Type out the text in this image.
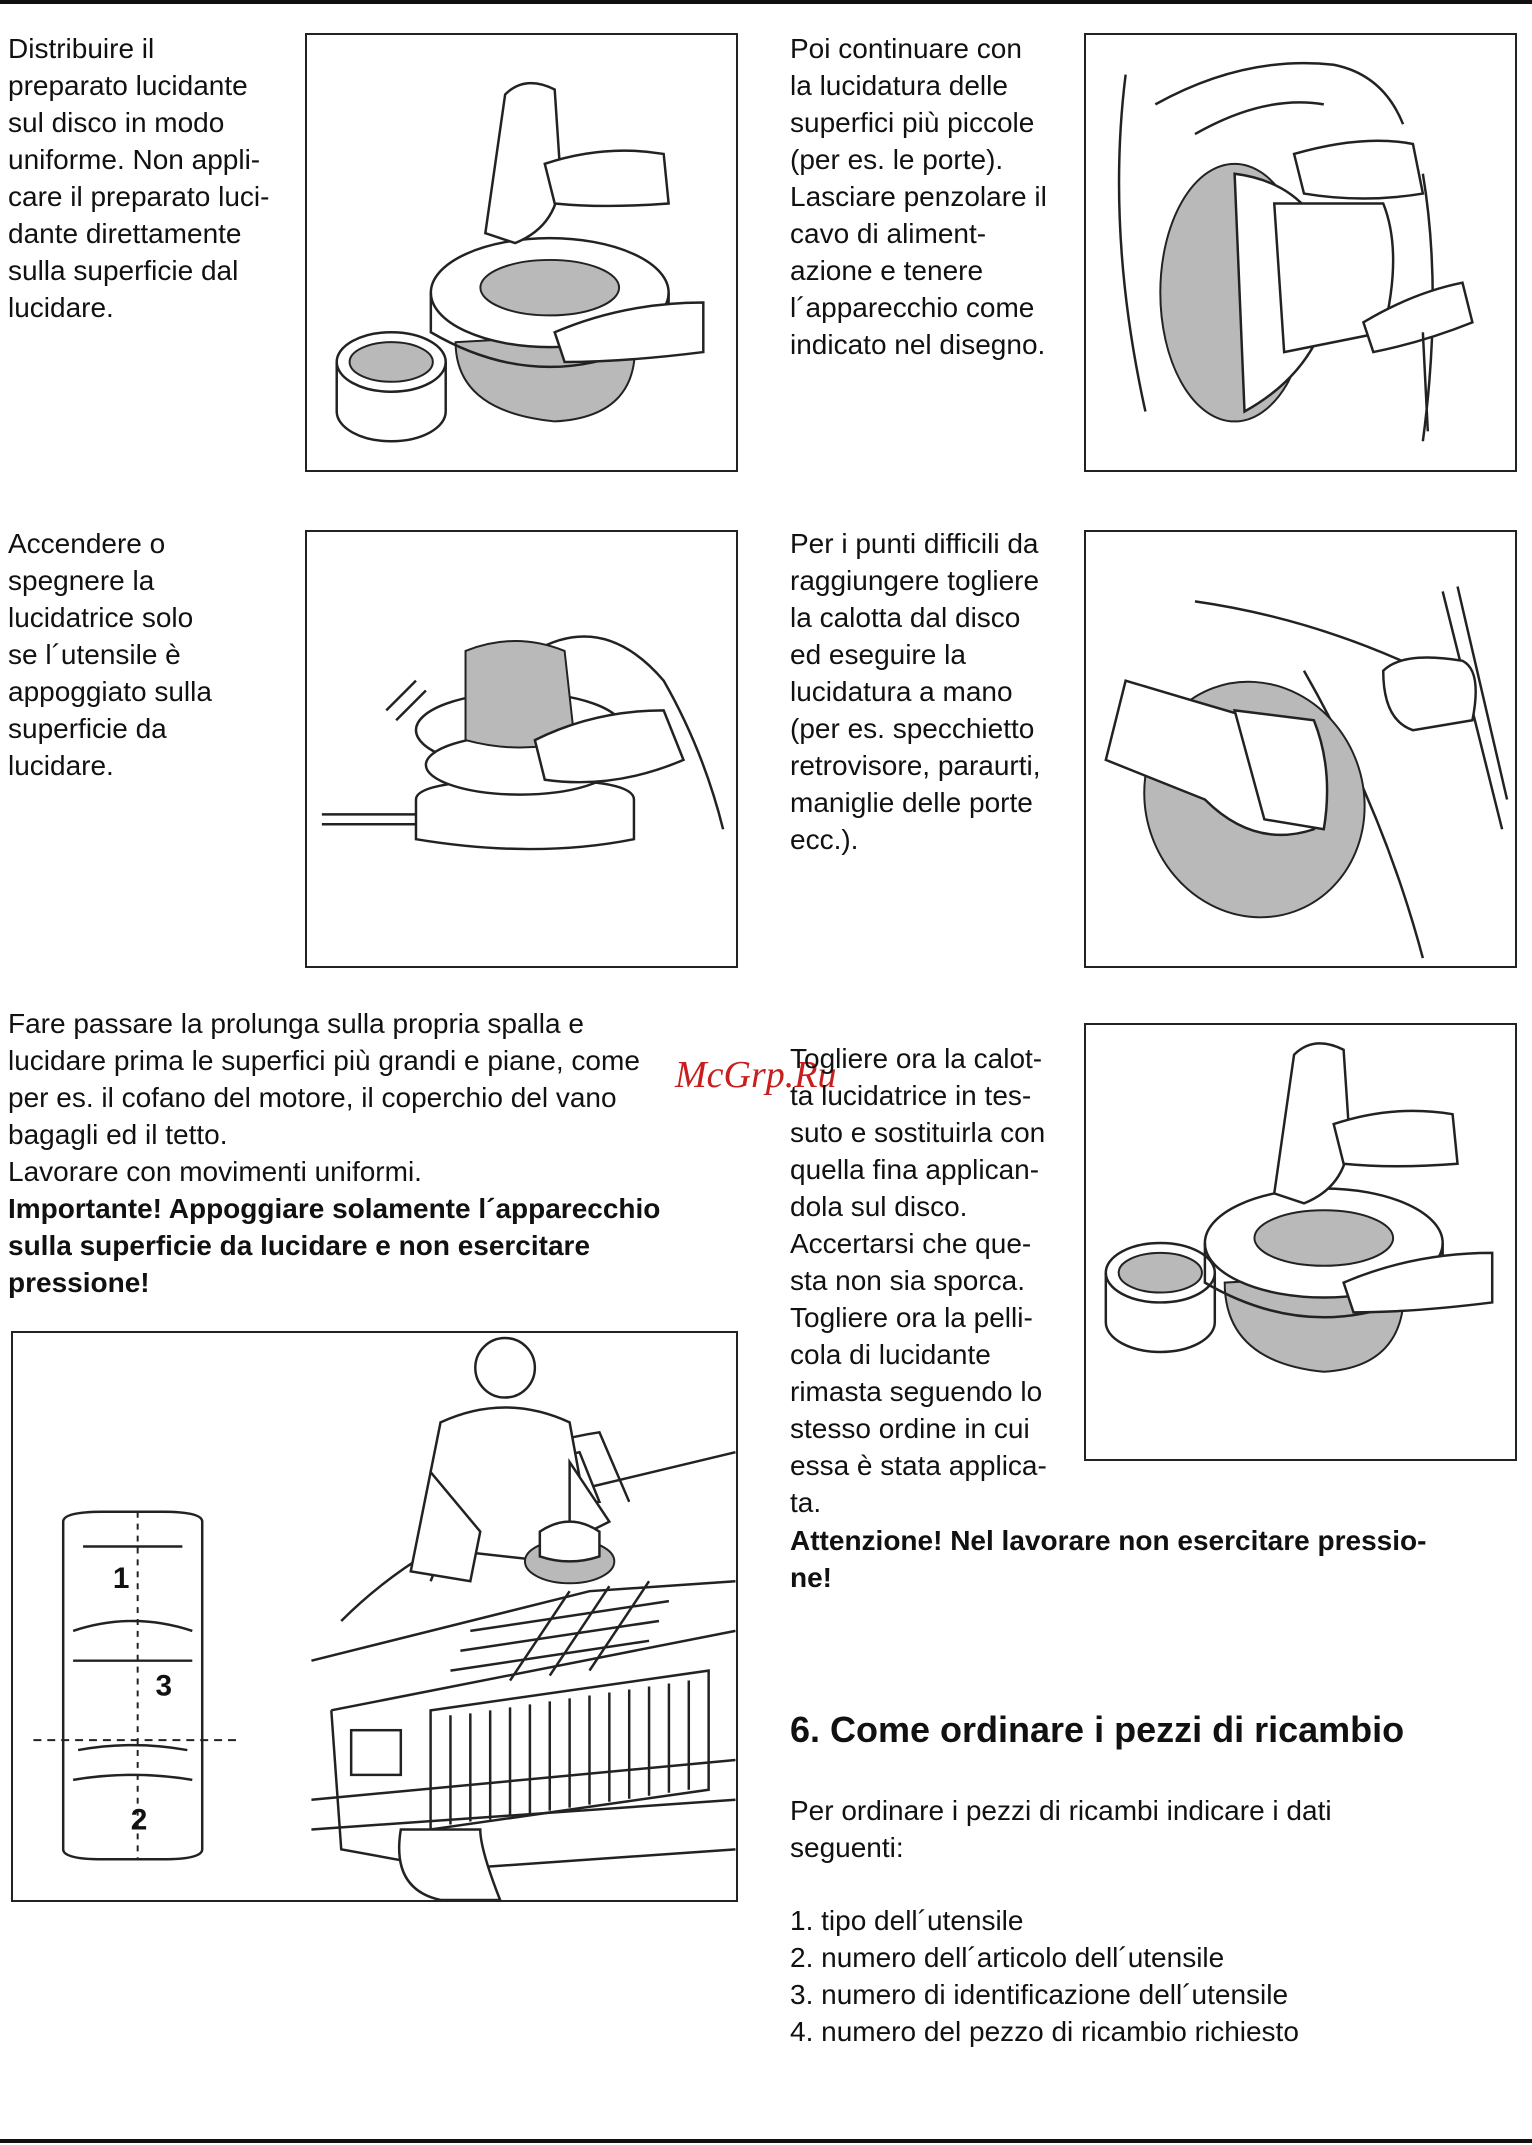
Distribuire il
preparato lucidante
sul disco in modo
uniforme. Non appli-
care il preparato luci-
dante direttamente
sulla superficie dal
lucidare.
Poi continuare con
la lucidatura delle
superfici più piccole
(per es. le porte).
Lasciare penzolare il
cavo di aliment-
azione e tenere
l´apparecchio come
indicato nel disegno.
Accendere o
spegnere la
lucidatrice solo
se l´utensile è
appoggiato sulla
superficie da
lucidare.
Per i punti difficili da
raggiungere togliere
la calotta dal disco
ed eseguire la
lucidatura a mano
(per es. specchietto
retrovisore, paraurti,
maniglie delle porte
ecc.).
Fare passare la prolunga sulla propria spalla e
lucidare prima le superfici più grandi e piane, come
per es. il cofano del motore, il coperchio del vano
bagagli ed il tetto.
Lavorare con movimenti uniformi.
Importante! Appoggiare solamente l´apparecchio
sulla superficie da lucidare e non esercitare
pressione!
1
2
3
McGrp.Ru
Togliere ora la calot-
ta lucidatrice in tes-
suto e sostituirla con
quella fina applican-
dola sul disco.
Accertarsi che que-
sta non sia sporca.
Togliere ora la pelli-
cola di lucidante
rimasta seguendo lo
stesso ordine in cui
essa è stata applica-
ta.
Attenzione! Nel lavorare non esercitare pressio-
ne!
6. Come ordinare i pezzi di ricambio
Per ordinare i pezzi di ricambi indicare i dati
seguenti:
1. tipo dell´utensile
2. numero dell´articolo dell´utensile
3. numero di identificazione dell´utensile
4. numero del pezzo di ricambio richiesto
